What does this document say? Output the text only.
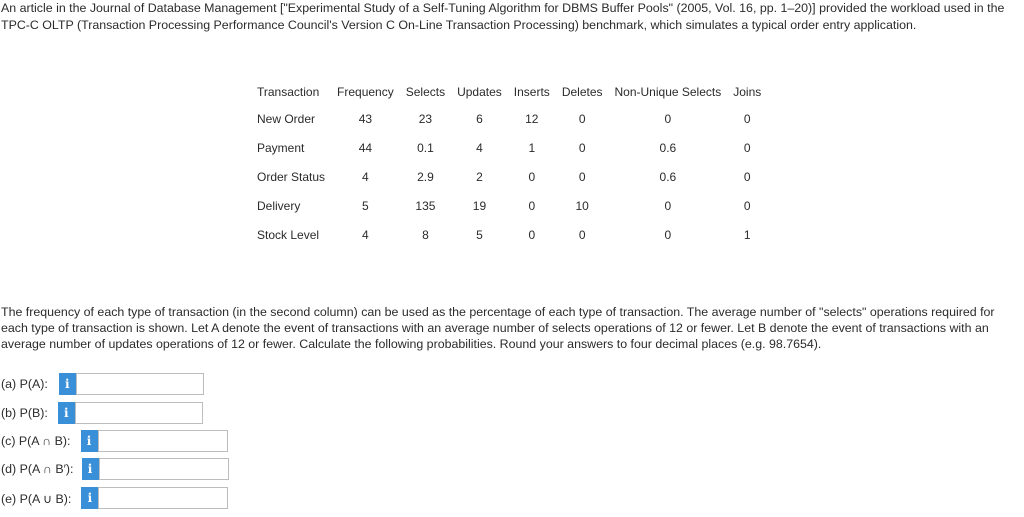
An article in the Journal of Database Management ["Experimental Study of a Self-Tuning Algorithm for DBMS Buffer Pools" (2005, Vol. 16, pp. 1–20)] provided the workload used in the TPC-C OLTP (Transaction Processing Performance Council's Version C On-Line Transaction Processing) benchmark, which simulates a typical order entry application.
Transaction	Frequency	Selects	Updates	Inserts	Deletes	Non-Unique Selects	Joins
New Order	43	23	6	12	0	0	0
Payment	44	0.1	4	1	0	0.6	0
Order Status	4	2.9	2	0	0	0.6	0
Delivery	5	135	19	0	10	0	0
Stock Level	4	8	5	0	0	0	1
The frequency of each type of transaction (in the second column) can be used as the percentage of each type of transaction. The average number of "selects" operations required for each type of transaction is shown. Let A denote the event of transactions with an average number of selects operations of 12 or fewer. Let B denote the event of transactions with an average number of updates operations of 12 or fewer. Calculate the following probabilities. Round your answers to four decimal places (e.g. 98.7654).
(a) P(A):	i
(b) P(B):	i
(c) P(A ∩ B):	i
(d) P(A ∩ B′):	i
(e) P(A ∪ B):	i
